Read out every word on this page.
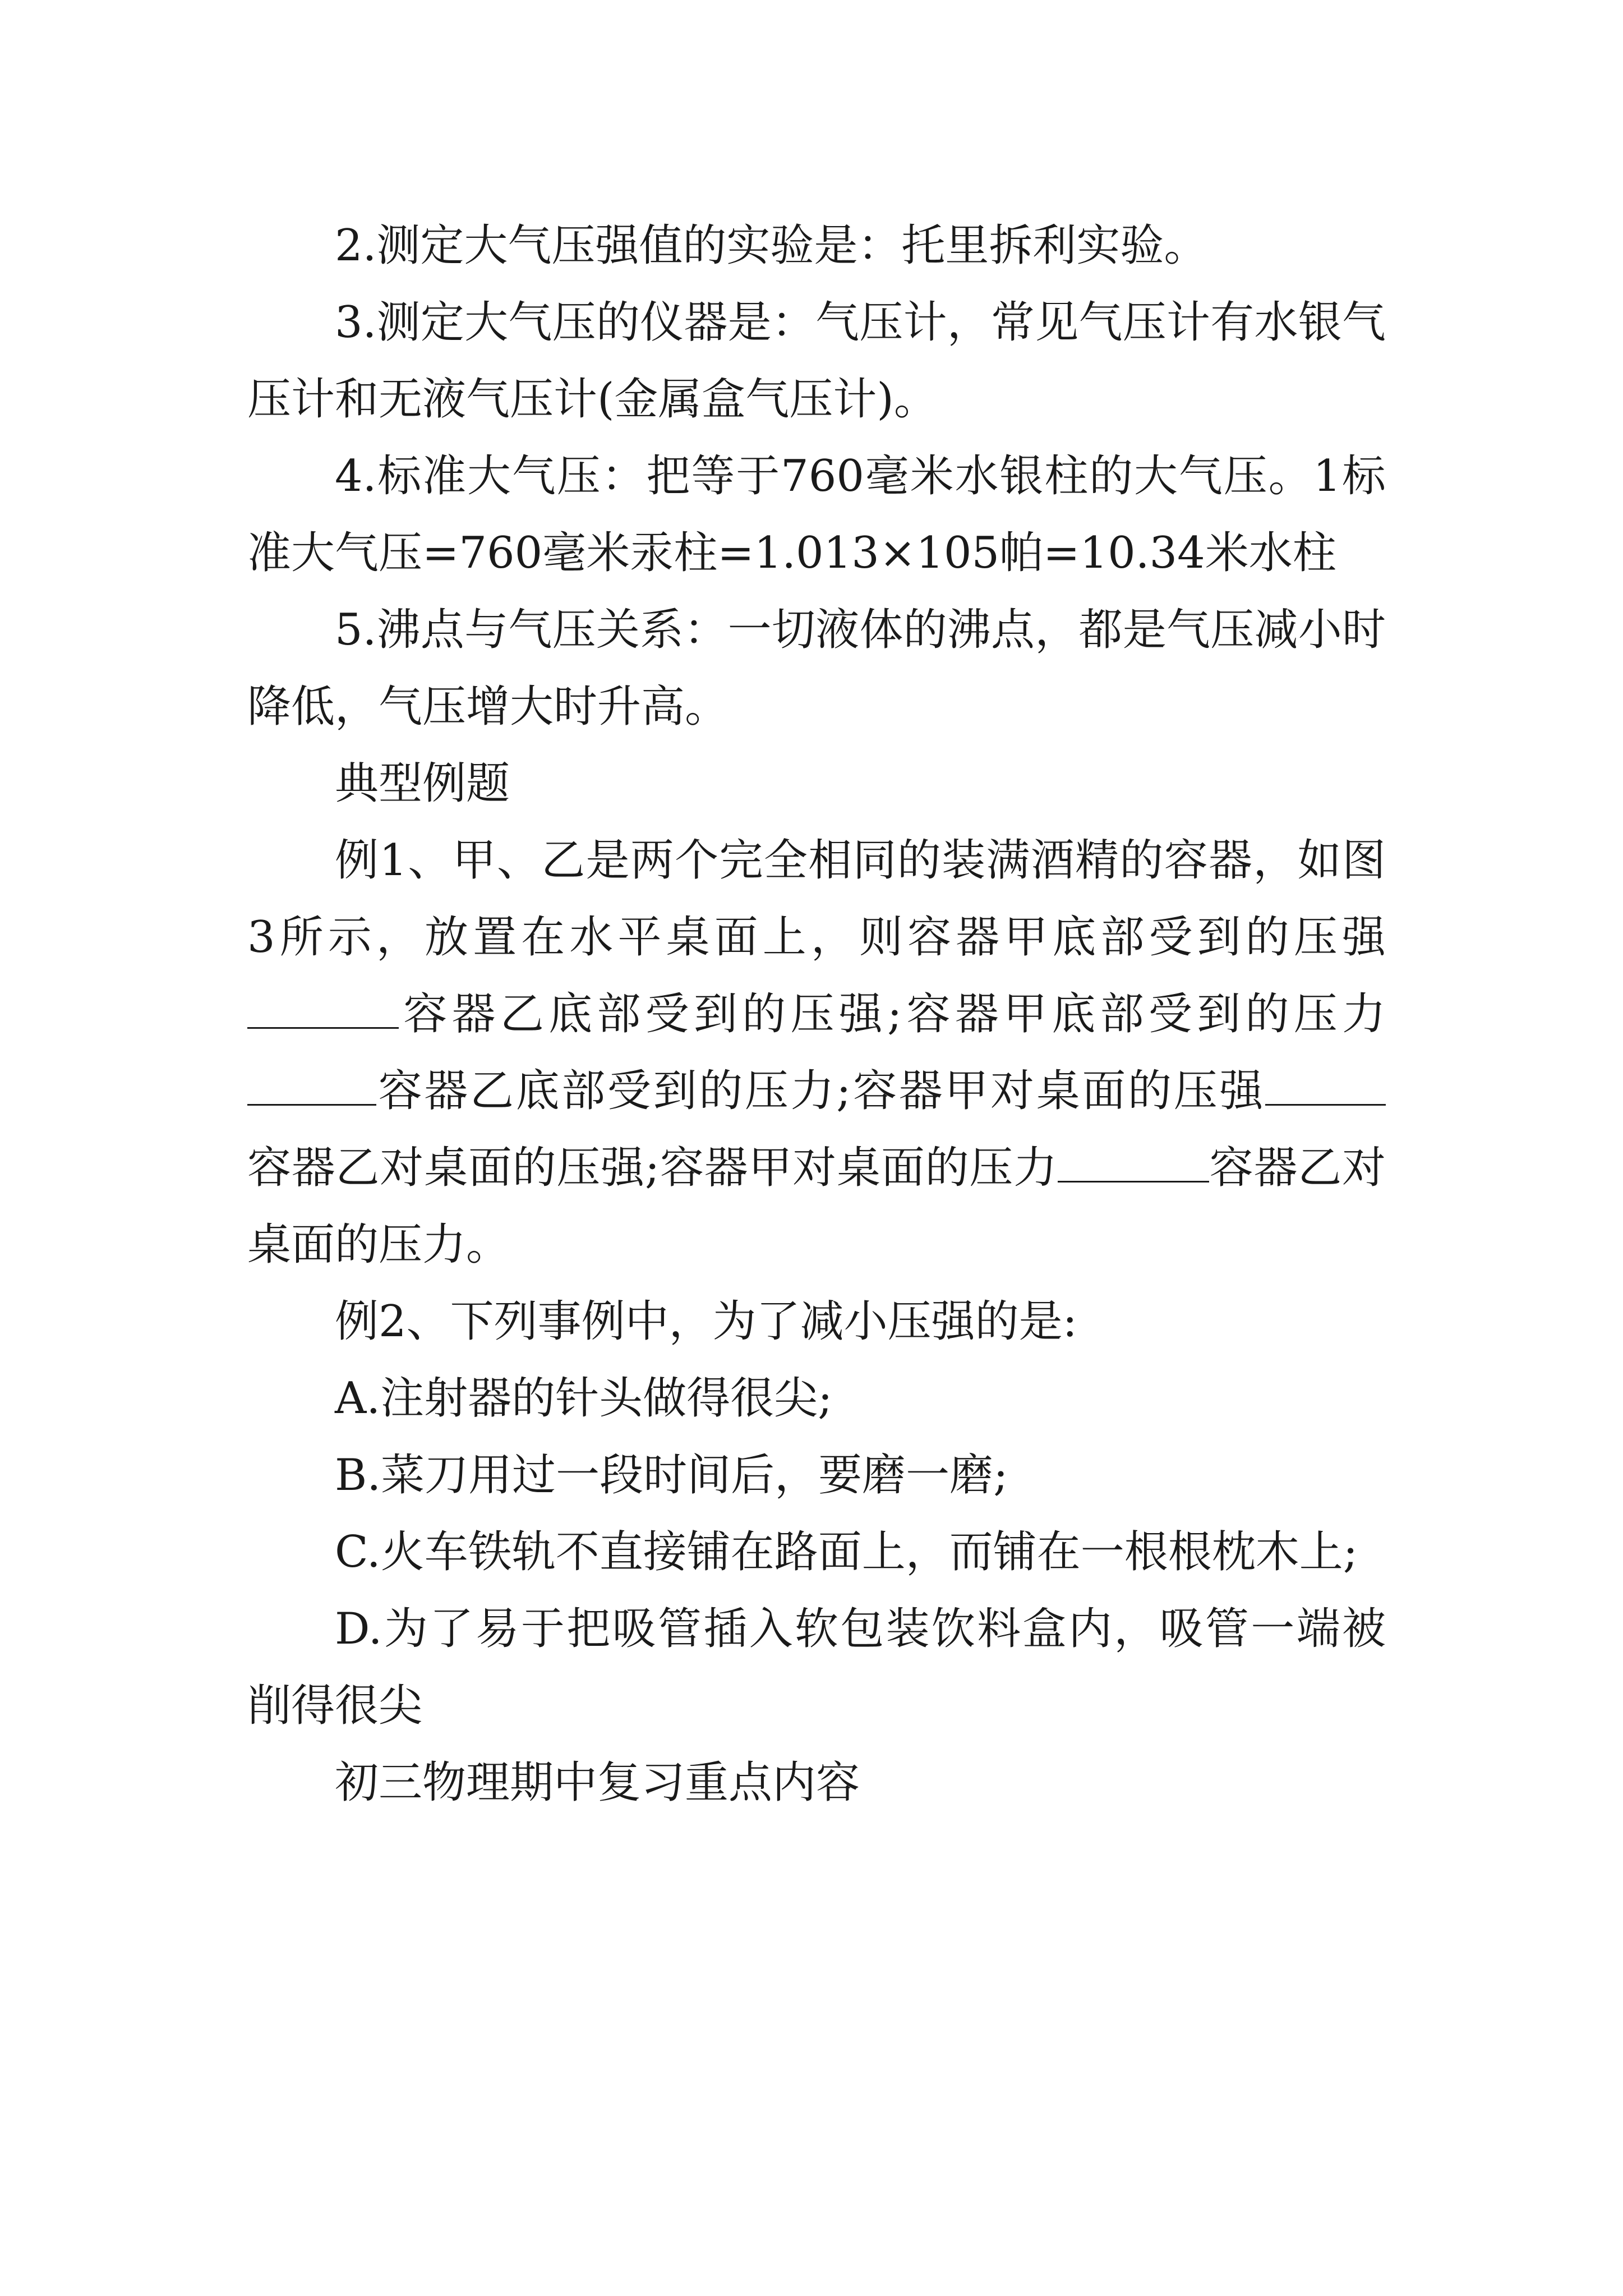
2.测定大气压强值的实验是：托里拆利实验。

3.测定大气压的仪器是：气压计，常见气压计有水银气压计和无液气压计(金属盒气压计)。

4.标准大气压：把等于760毫米水银柱的大气压。1标准大气压=760毫米汞柱=1.013×105帕=10.34米水柱

5.沸点与气压关系：一切液体的沸点，都是气压减小时降低，气压增大时升高。

典型例题

例1、甲、乙是两个完全相同的装满酒精的容器，如图3所示，放置在水平桌面上，则容器甲底部受到的压强容器乙底部受到的压强;容器甲底部受到的压力容器乙底部受到的压力;容器甲对桌面的压强容器乙对桌面的压强;容器甲对桌面的压力	容器乙对桌面的压力。

例2、下列事例中，为了减小压强的是:

A.注射器的针头做得很尖;

B.菜刀用过一段时间后，要磨一磨;

C.火车铁轨不直接铺在路面上，而铺在一根根枕木上;

D.为了易于把吸管插入软包装饮料盒内，吸管一端被削得很尖

初三物理期中复习重点内容
